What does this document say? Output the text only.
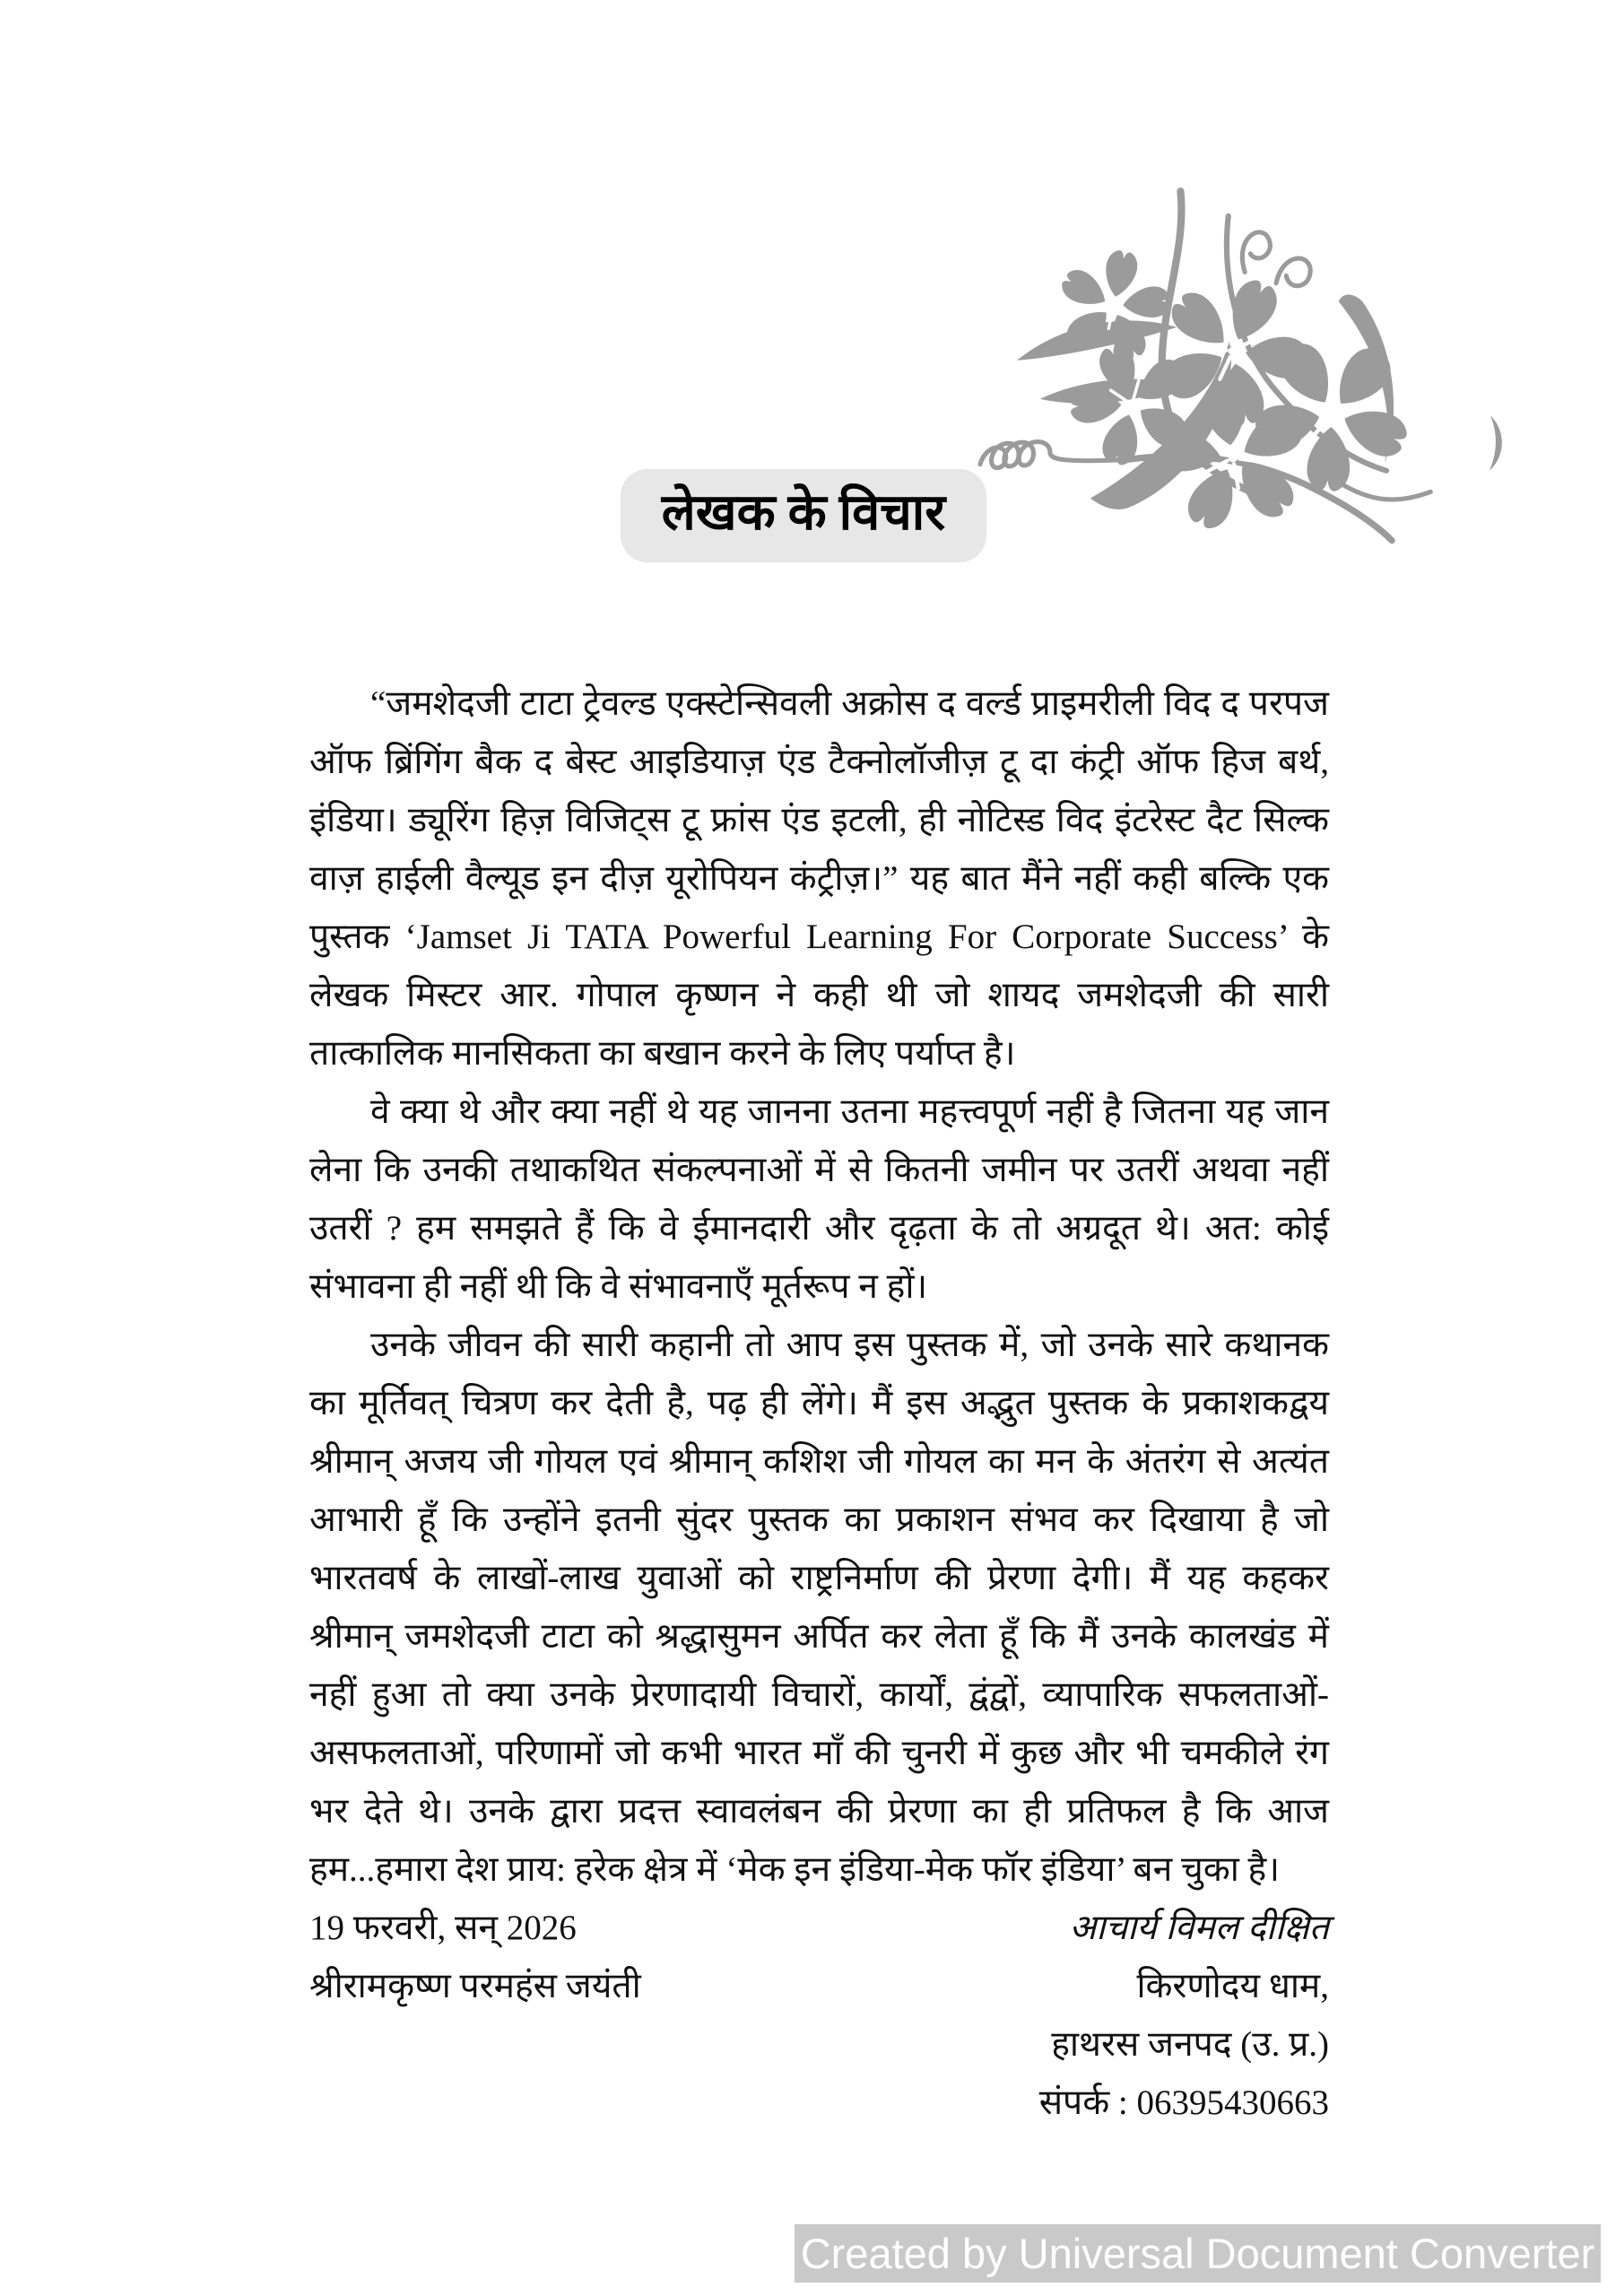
लेखक के विचार

“जमशेदजी टाटा ट्रेवल्ड एक्स्टेन्सिवली अक्रोस द वर्ल्ड प्राइमरीली विद द परपज ऑफ ब्रिंगिंग बैक द बेस्ट आइडियाज़ एंड टैक्नोलॉजीज़ टू दा कंट्री ऑफ हिज बर्थ, इंडिया। ड्यूरिंग हिज़ विजिट्स टू फ्रांस एंड इटली, ही नोटिस्ड विद इंटरेस्ट दैट सिल्क वाज़ हाईली वैल्यूड इन दीज़ यूरोपियन कंट्रीज़।” यह बात मैंने नहीं कही बल्कि एक पुस्तक ‘Jamset Ji TATA Powerful Learning For Corporate Success’ के लेखक मिस्टर आर. गोपाल कृष्णन ने कही थी जो शायद जमशेदजी की सारी तात्कालिक मानसिकता का बखान करने के लिए पर्याप्त है।

वे क्या थे और क्या नहीं थे यह जानना उतना महत्त्वपूर्ण नहीं है जितना यह जान लेना कि उनकी तथाकथित संकल्पनाओं में से कितनी जमीन पर उतरीं अथवा नहीं उतरीं ? हम समझते हैं कि वे ईमानदारी और दृढ़ता के तो अग्रदूत थे। अत: कोई संभावना ही नहीं थी कि वे संभावनाएँ मूर्तरूप न हों।

उनके जीवन की सारी कहानी तो आप इस पुस्तक में, जो उनके सारे कथानक का मूर्तिवत् चित्रण कर देती है, पढ़ ही लेंगे। मैं इस अद्भुत पुस्तक के प्रकाशकद्वय श्रीमान् अजय जी गोयल एवं श्रीमान् कशिश जी गोयल का मन के अंतरंग से अत्यंत आभारी हूँ कि उन्होंने इतनी सुंदर पुस्तक का प्रकाशन संभव कर दिखाया है जो भारतवर्ष के लाखों-लाख युवाओं को राष्ट्रनिर्माण की प्रेरणा देगी। मैं यह कहकर श्रीमान् जमशेदजी टाटा को श्रद्धासुमन अर्पित कर लेता हूँ कि मैं उनके कालखंड में नहीं हुआ तो क्या उनके प्रेरणादायी विचारों, कार्यों, द्वंद्वों, व्यापारिक सफलताओं-असफलताओं, परिणामों जो कभी भारत माँ की चुनरी में कुछ और भी चमकीले रंग भर देते थे। उनके द्वारा प्रदत्त स्वावलंबन की प्रेरणा का ही प्रतिफल है कि आज हम...हमारा देश प्राय: हरेक क्षेत्र में ‘मेक इन इंडिया-मेक फॉर इंडिया’ बन चुका है।

19 फरवरी, सन् 2026	आचार्य विमल दीक्षित
श्रीरामकृष्ण परमहंस जयंती	किरणोदय धाम,
हाथरस जनपद (उ. प्र.)
संपर्क : 06395430663
Created by Universal Document Converter
